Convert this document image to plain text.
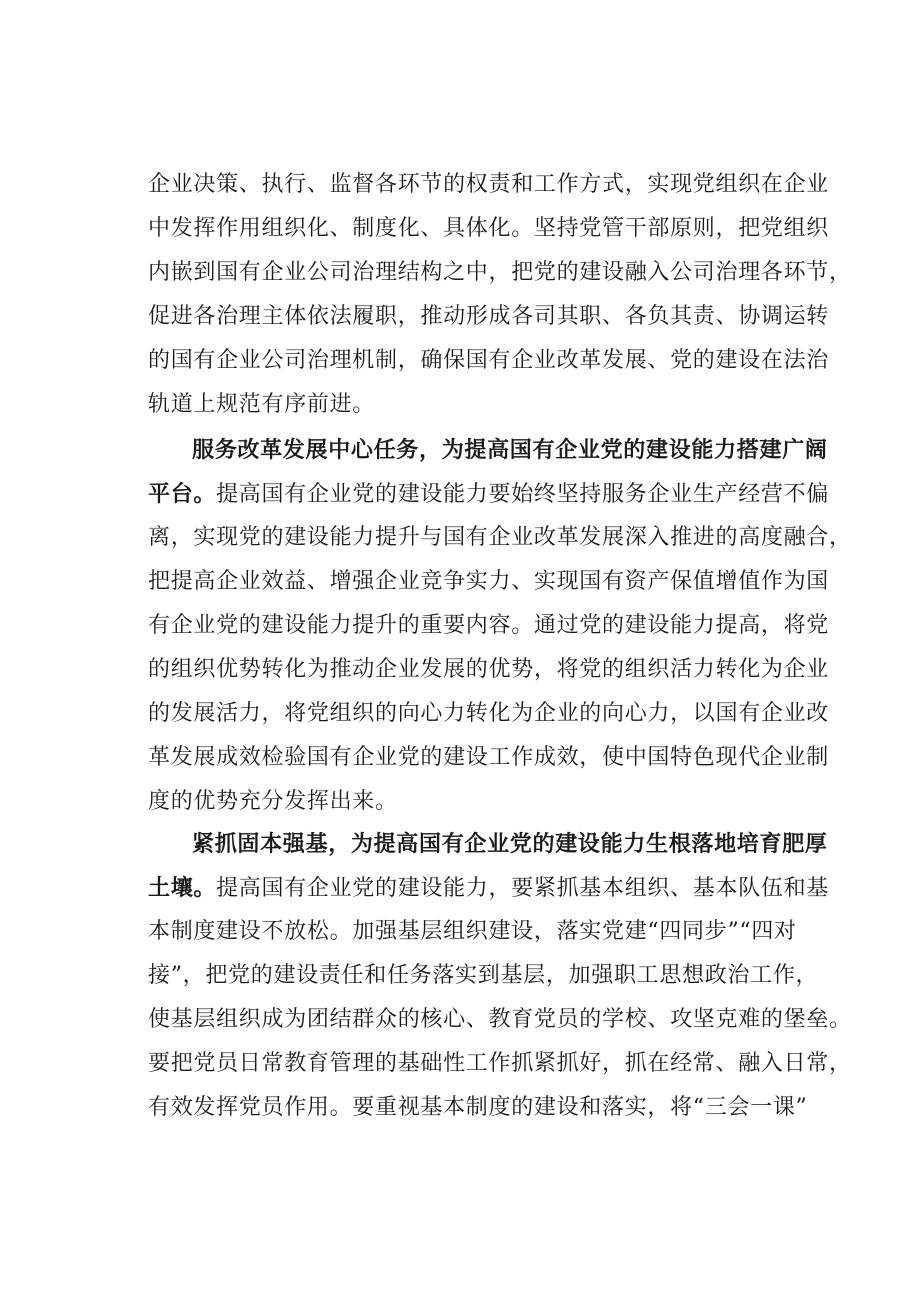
企业决策、执行、监督各环节的权责和工作方式，实现党组织在企业
中发挥作用组织化、制度化、具体化。坚持党管干部原则，把党组织
内嵌到国有企业公司治理结构之中，把党的建设融入公司治理各环节，
促进各治理主体依法履职，推动形成各司其职、各负其责、协调运转
的国有企业公司治理机制，确保国有企业改革发展、党的建设在法治
轨道上规范有序前进。
服务改革发展中心任务，为提高国有企业党的建设能力搭建广阔
平台。提高国有企业党的建设能力要始终坚持服务企业生产经营不偏
离，实现党的建设能力提升与国有企业改革发展深入推进的高度融合，
把提高企业效益、增强企业竞争实力、实现国有资产保值增值作为国
有企业党的建设能力提升的重要内容。通过党的建设能力提高，将党
的组织优势转化为推动企业发展的优势，将党的组织活力转化为企业
的发展活力，将党组织的向心力转化为企业的向心力，以国有企业改
革发展成效检验国有企业党的建设工作成效，使中国特色现代企业制
度的优势充分发挥出来。
紧抓固本强基，为提高国有企业党的建设能力生根落地培育肥厚
土壤。提高国有企业党的建设能力，要紧抓基本组织、基本队伍和基
本制度建设不放松。加强基层组织建设，落实党建“四同步”“四对
接”，把党的建设责任和任务落实到基层，加强职工思想政治工作，
使基层组织成为团结群众的核心、教育党员的学校、攻坚克难的堡垒。
要把党员日常教育管理的基础性工作抓紧抓好，抓在经常、融入日常，
有效发挥党员作用。要重视基本制度的建设和落实，将“三会一课”
